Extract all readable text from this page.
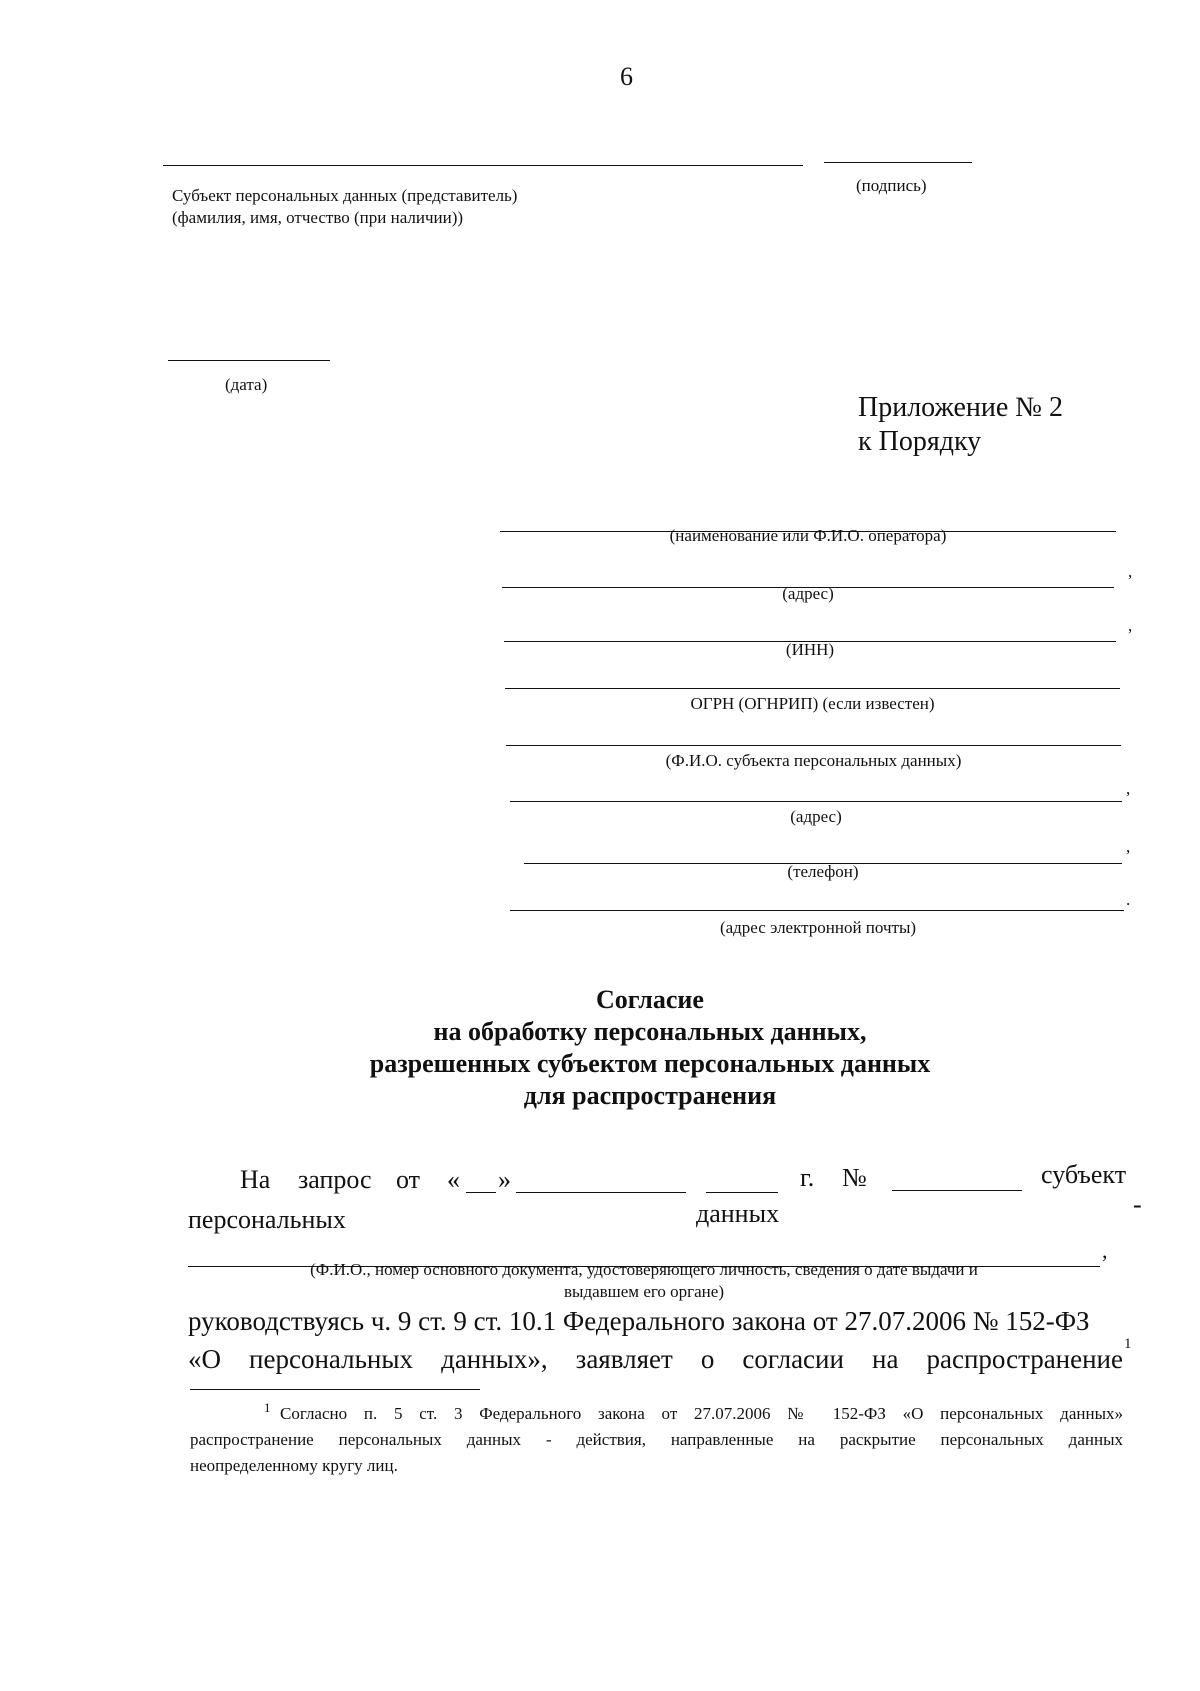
6
Субъект персональных данных (представитель)
(фамилия, имя, отчество (при наличии))
(подпись)
(дата)
Приложение № 2
к Порядку
(наименование или Ф.И.О. оператора)
,
(адрес)
,
(ИНН)
ОГРН (ОГНРИП) (если известен)
(Ф.И.О. субъекта персональных данных)
,
(адрес)
,
(телефон)
.
(адрес электронной почты)
Согласие
на обработку персональных данных,
разрешенных субъектом персональных данных
для распространения
На запрос от « »	г. №	субъект
персональных	данных	-
,
(Ф.И.О., номер основного документа, удостоверяющего личность, сведения о дате выдачи и
выдавшем его органе)
руководствуясь ч. 9 ст. 9 ст. 10.1 Федерального закона от 27.07.2006 № 152-ФЗ
«О персональных данных», заявляет о согласии на распространение 1
1 Согласно п. 5 ст. 3 Федерального закона от 27.07.2006 № 152-ФЗ «О персональных данных»
распространение персональных данных - действия, направленные на раскрытие персональных данных
неопределенному кругу лиц.
